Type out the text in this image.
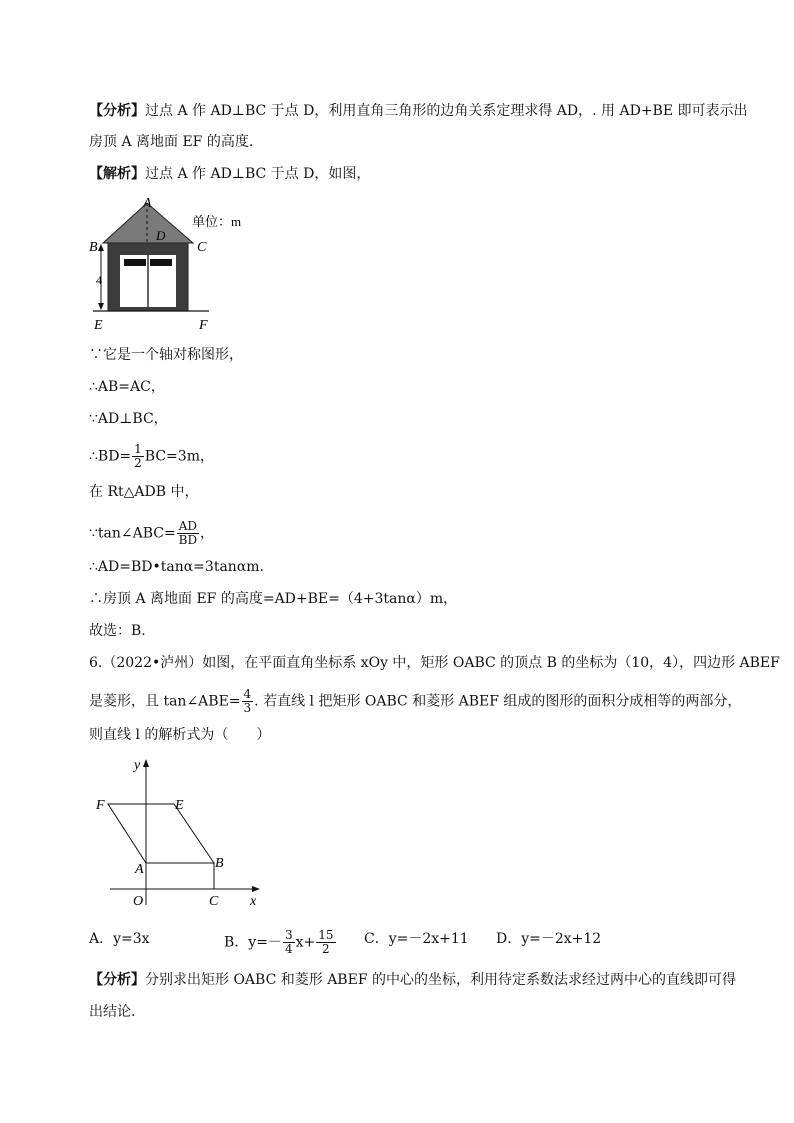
【分析】过点 A 作 AD⊥BC 于点 D，利用直角三角形的边角关系定理求得 AD，. 用 AD+BE 即可表示出
房顶 A 离地面 EF 的高度.
【解析】过点 A 作 AD⊥BC 于点 D，如图，
A
B	C
D
E	F
4
单位：m
∵它是一个轴对称图形，
∴AB=AC，
∵AD⊥BC，
∴BD= $\frac{1}{2} BC=3m$，
在 Rt△ADB 中，
∵tan∠ABC= $\frac{AD}{BD}$ ，
∴AD=BD•tanα=3tanαm.
∴房顶 A 离地面 EF 的高度=AD+BE=（4+3tanα）m，
故选：B.
6.（2022•泸州）如图，在平面直角坐标系 xOy 中，矩形 OABC 的顶点 B 的坐标为（10，4），四边形 ABEF
是菱形，且 tan∠ABE= $\frac{4}{3}$ . 若直线 l 把矩形 OABC 和菱形 ABEF 组成的图形的面积分成相等的两部分，
则直线 l 的解析式为（　　）
y
x
F	E
A	B
O	C
A．y=3x	B．$y=- \frac{3}{4} x+ \frac{15}{2}$ C．y=－2x+11 D．y=－2x+12
【分析】分别求出矩形 OABC 和菱形 ABEF 的中心的坐标，利用待定系数法求经过两中心的直线即可得
出结论.
